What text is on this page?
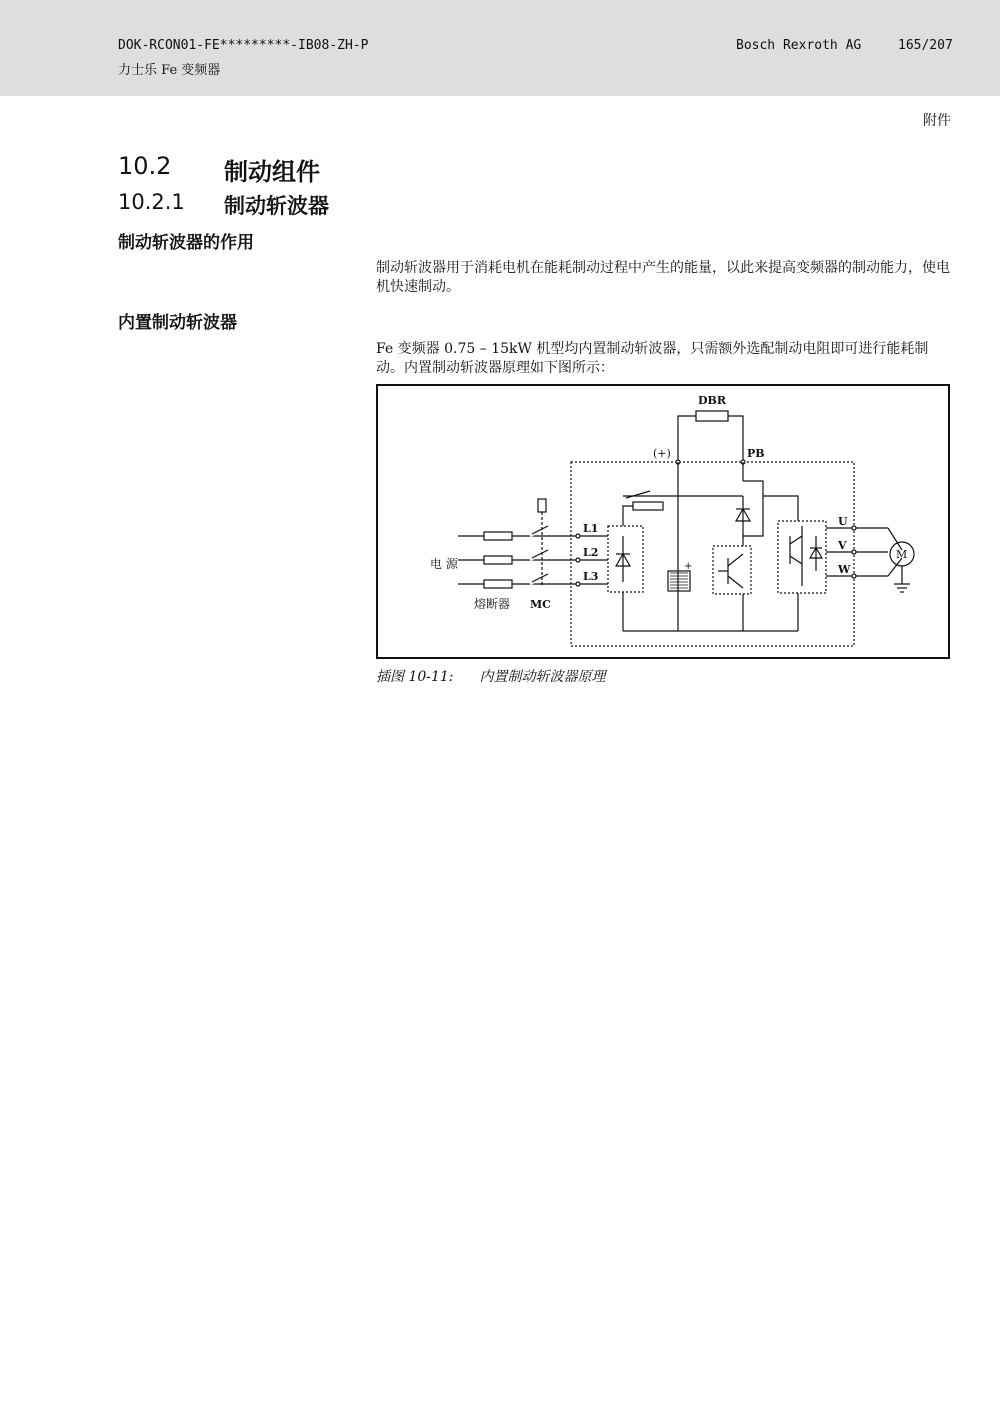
DOK-RCON01-FE*********-IB08-ZH-P
力士乐 Fe 变频器
Bosch Rexroth AG	165/207
附件
10.2 制动组件
10.2.1 制动斩波器
制动斩波器的作用
制动斩波器用于消耗电机在能耗制动过程中产生的能量，以此来提高变频器的制动能力，使电机快速制动。
内置制动斩波器
Fe 变频器 0.75 – 15kW 机型均内置制动斩波器，只需额外选配制动电阻即可进行能耗制动。内置制动斩波器原理如下图所示：
DBR
(+)	PB
+
U
V
W
M
L1
L2
L3
电 源
熔断器 MC
插图 10-11: 内置制动斩波器原理
